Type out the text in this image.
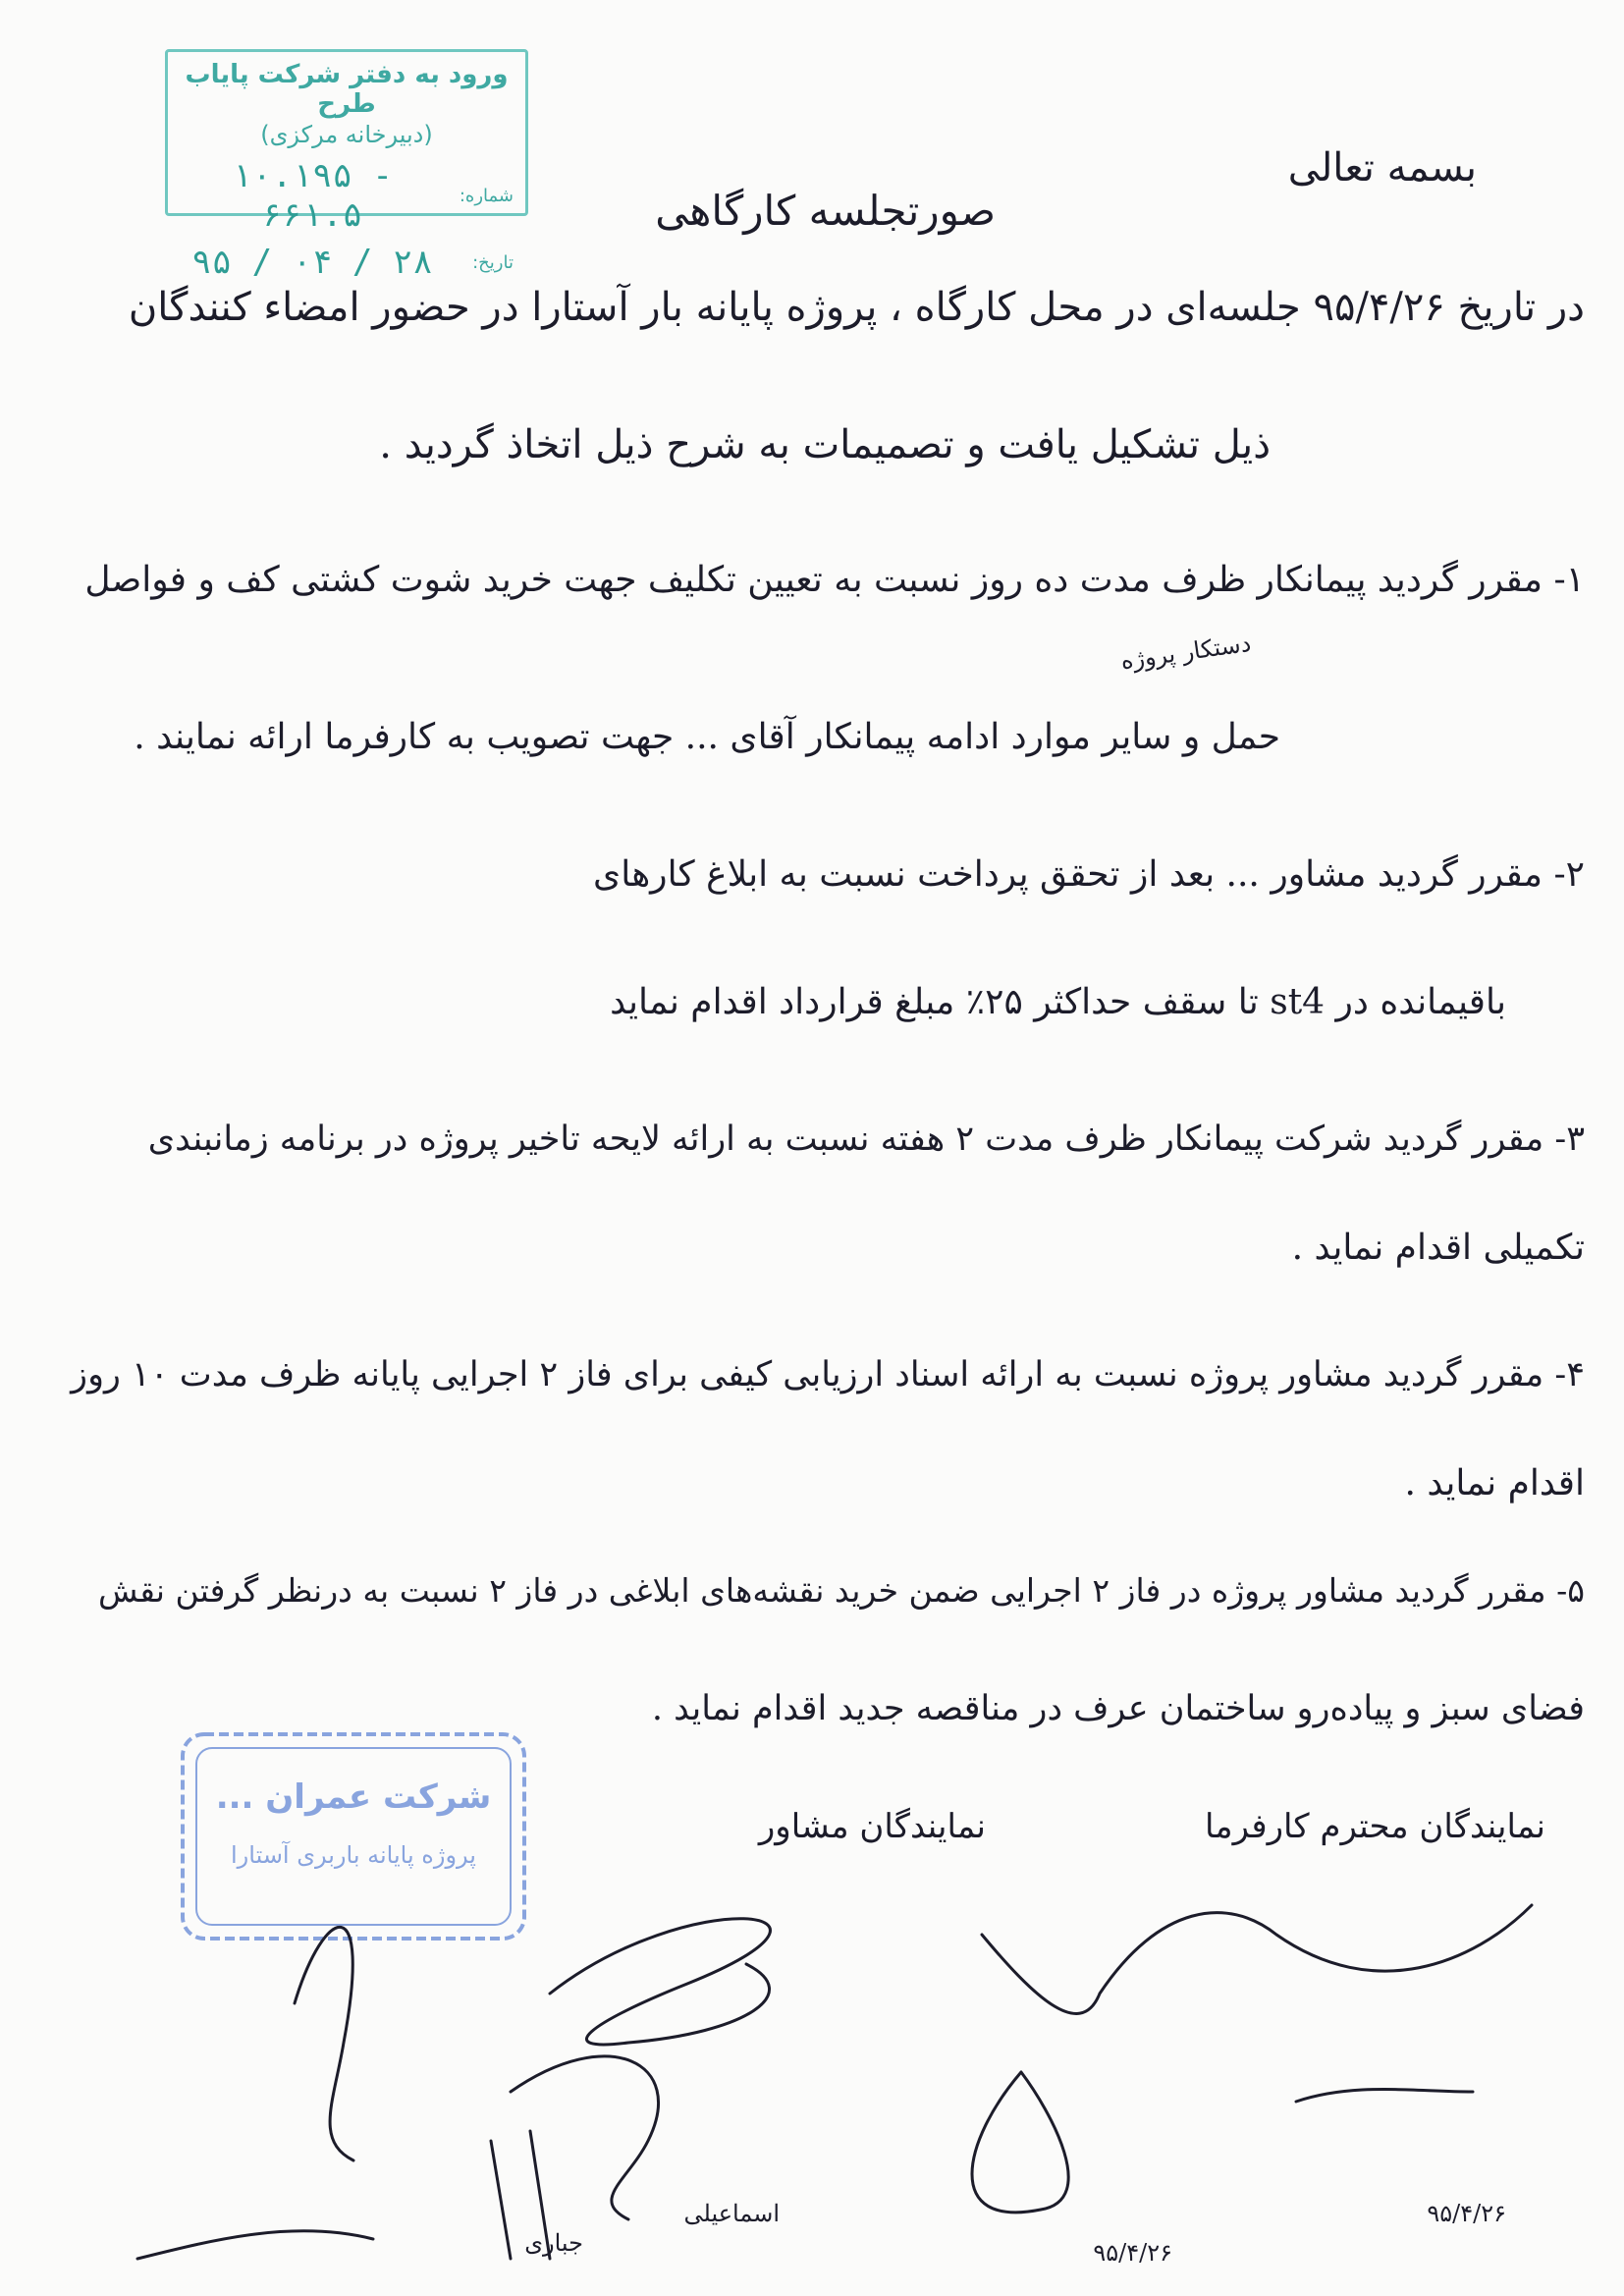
ورود به دفتر شرکت پایاب طرح
(دبیرخانه مرکزی)
شماره:
۱۰.۱۹۵ - ۶۶۱.۵
تاریخ:
۹۵ / ۰۴ / ۲۸
بسمه تعالی
صورتجلسه کارگاهی
در تاریخ ۹۵/۴/۲۶ جلسه‌ای در محل کارگاه ، پروژه پایانه بار آستارا در حضور امضاء کنندگان
ذیل تشکیل یافت و تصمیمات به شرح ذیل اتخاذ گردید .
۱- مقرر گردید پیمانکار ظرف مدت ده روز نسبت به تعیین تکلیف جهت خرید شوت کشتی کف و فواصل
دستکار پروژه
حمل و سایر موارد ادامه پیمانکار آقای ... جهت تصویب به کارفرما ارائه نمایند .
۲- مقرر گردید مشاور ... بعد از تحقق پرداخت نسبت به ابلاغ کارهای
باقیمانده در st4 تا سقف حداکثر ۲۵٪ مبلغ قرارداد اقدام نماید
۳- مقرر گردید شرکت پیمانکار ظرف مدت ۲ هفته نسبت به ارائه لایحه تاخیر پروژه در برنامه زمانبندی
تکمیلی اقدام نماید .
۴- مقرر گردید مشاور پروژه نسبت به ارائه اسناد ارزیابی کیفی برای فاز ۲ اجرایی پایانه ظرف مدت ۱۰ روز
اقدام نماید .
۵- مقرر گردید مشاور پروژه در فاز ۲ اجرایی ضمن خرید نقشه‌های ابلاغی در فاز ۲ نسبت به درنظر گرفتن نقش
فضای سبز و پیاده‌رو ساختمان عرف در مناقصه جدید اقدام نماید .
شرکت عمران ...
پروژه پایانه باربری آستارا
نمایندگان مشاور	نمایندگان محترم کارفرما
جباری
اسماعیلی
۹۵/۴/۲۶
۹۵/۴/۲۶
